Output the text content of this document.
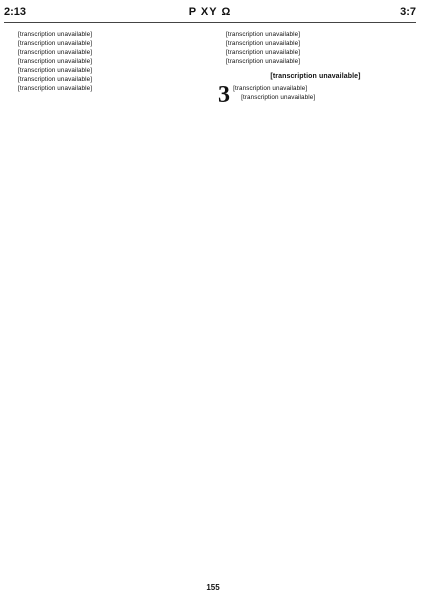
2:13	P XY Ω	3:7

[transcription unavailable]

[transcription unavailable]

[transcription unavailable]

[transcription unavailable]

[transcription unavailable]

[transcription unavailable]

[transcription unavailable]

[transcription unavailable]

[transcription unavailable]

[transcription unavailable]

[transcription unavailable]

[transcription unavailable]

3 [transcription unavailable]

[transcription unavailable]

155
